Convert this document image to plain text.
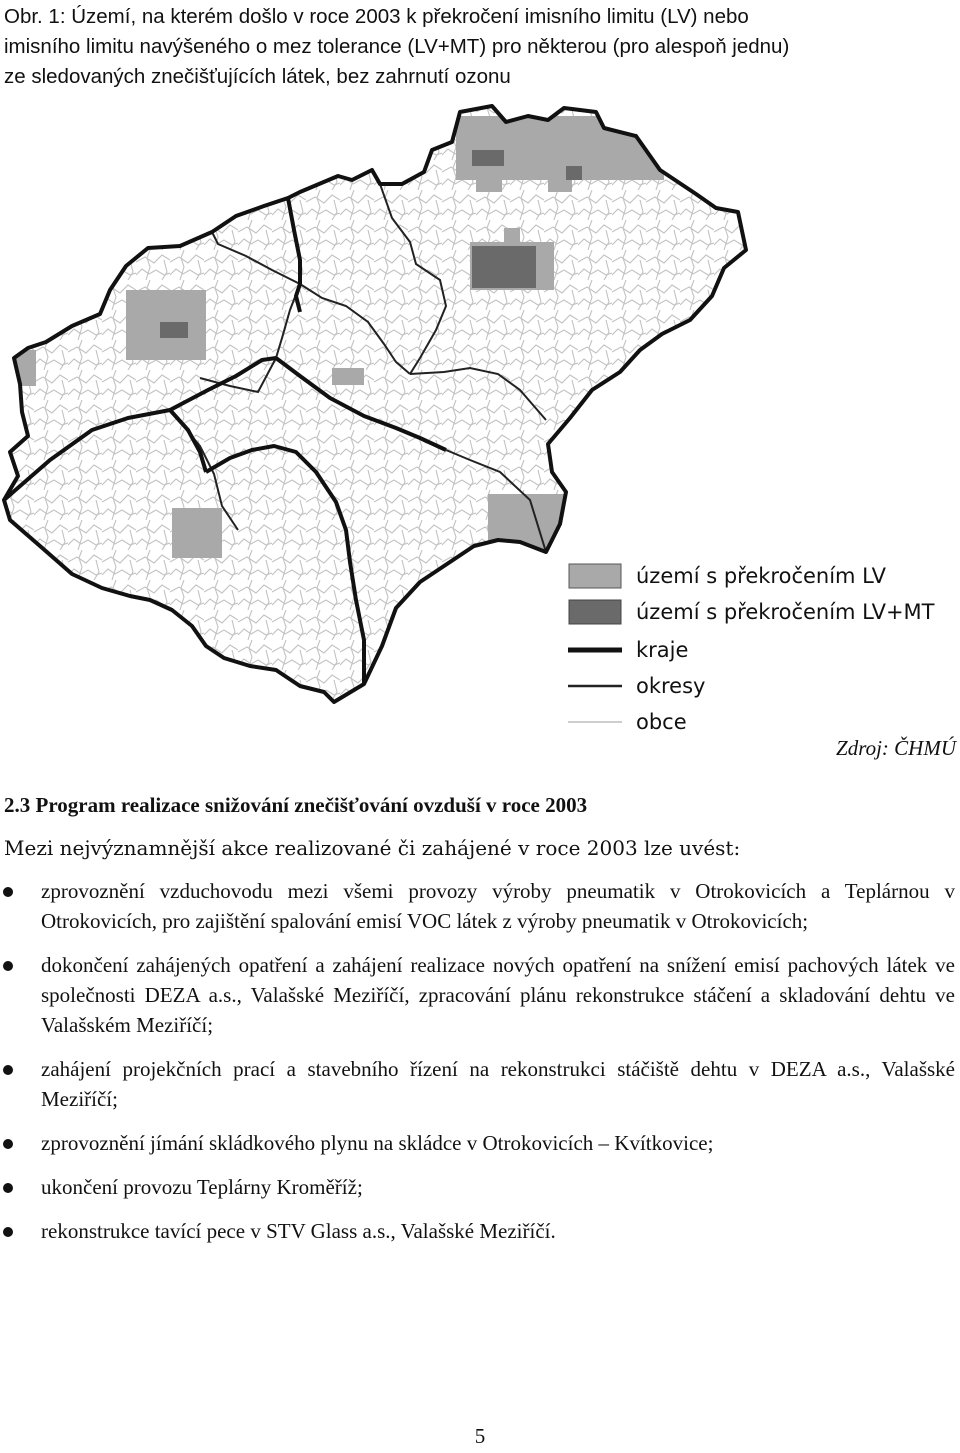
Obr. 1: Území, na kterém došlo v roce 2003 k překročení imisního limitu (LV) nebo
imisního limitu navýšeného o mez tolerance (LV+MT) pro některou (pro alespoň jednu)
ze sledovaných znečišťujících látek, bez zahrnutí ozonu
území s překročením LV
území s překročením LV+MT
kraje
okresy
obce
Zdroj: ČHMÚ
2.3 Program realizace snižování znečišťování ovzduší v roce 2003
Mezi nejvýznamnější akce realizované či zahájené v roce 2003 lze uvést:
zprovoznění vzduchovodu mezi všemi provozy výroby pneumatik v Otrokovicích a Teplárnou v Otrokovicích, pro zajištění spalování emisí VOC látek z výroby pneumatik v Otrokovicích;
dokončení zahájených opatření a zahájení realizace nových opatření na snížení emisí pachových látek ve společnosti DEZA a.s., Valašské Meziříčí, zpracování plánu rekonstrukce stáčení a skladování dehtu ve Valašském Meziříčí;
zahájení projekčních prací a stavebního řízení na rekonstrukci stáčiště dehtu v DEZA a.s., Valašské Meziříčí;
zprovoznění jímání skládkového plynu na skládce v Otrokovicích – Kvítkovice;
ukončení provozu Teplárny Kroměříž;
rekonstrukce tavící pece v STV Glass a.s., Valašské Meziříčí.
5
